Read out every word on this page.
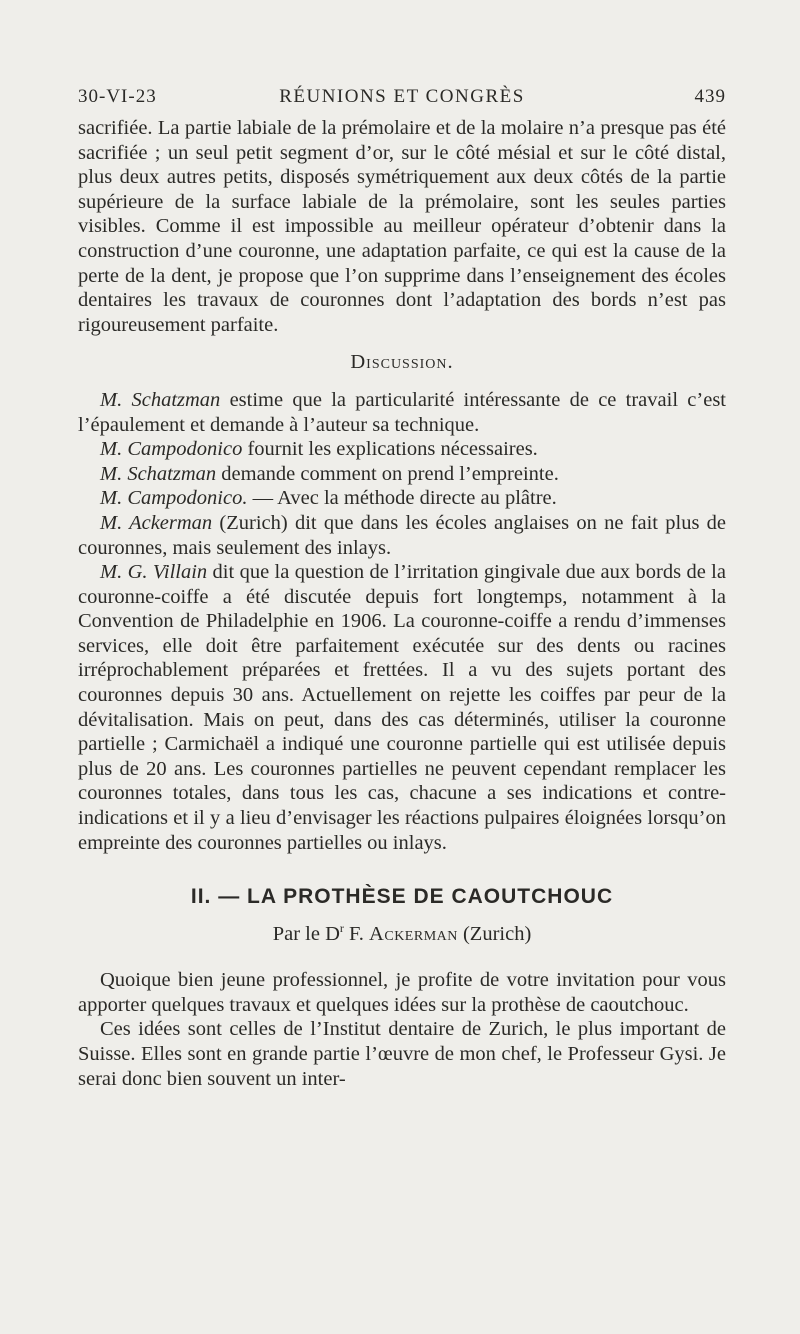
30-VI-23	RÉUNIONS ET CONGRÈS	439

sacrifiée. La partie labiale de la prémolaire et de la molaire n’a presque pas été sacrifiée ; un seul petit segment d’or, sur le côté mésial et sur le côté distal, plus deux autres petits, disposés symétriquement aux deux côtés de la partie supérieure de la surface labiale de la prémolaire, sont les seules parties visibles. Comme il est impossible au meilleur opérateur d’obtenir dans la construction d’une couronne, une adaptation parfaite, ce qui est la cause de la perte de la dent, je propose que l’on supprime dans l’enseignement des écoles dentaires les travaux de couronnes dont l’adaptation des bords n’est pas rigoureusement parfaite.

Discussion.

M. Schatzman estime que la particularité intéressante de ce travail c’est l’épaulement et demande à l’auteur sa technique.

M. Campodonico fournit les explications nécessaires.

M. Schatzman demande comment on prend l’empreinte.

M. Campodonico. — Avec la méthode directe au plâtre.

M. Ackerman (Zurich) dit que dans les écoles anglaises on ne fait plus de couronnes, mais seulement des inlays.

M. G. Villain dit que la question de l’irritation gingivale due aux bords de la couronne-coiffe a été discutée depuis fort longtemps, notamment à la Convention de Philadelphie en 1906. La couronne-coiffe a rendu d’immenses services, elle doit être parfaitement exécutée sur des dents ou racines irréprochablement préparées et frettées. Il a vu des sujets portant des couronnes depuis 30 ans. Actuellement on rejette les coiffes par peur de la dévitalisation. Mais on peut, dans des cas déterminés, utiliser la couronne partielle ; Carmichaël a indiqué une couronne partielle qui est utilisée depuis plus de 20 ans. Les couronnes partielles ne peuvent cependant remplacer les couronnes totales, dans tous les cas, chacune a ses indications et contre-indications et il y a lieu d’envisager les réactions pulpaires éloignées lorsqu’on empreinte des couronnes partielles ou inlays.

II. — LA PROTHÈSE DE CAOUTCHOUC

Par le $D^r$ F. Ackerman (Zurich)

Quoique bien jeune professionnel, je profite de votre invitation pour vous apporter quelques travaux et quelques idées sur la prothèse de caoutchouc.

Ces idées sont celles de l’Institut dentaire de Zurich, le plus important de Suisse. Elles sont en grande partie l’œuvre de mon chef, le Professeur Gysi. Je serai donc bien souvent un inter-
